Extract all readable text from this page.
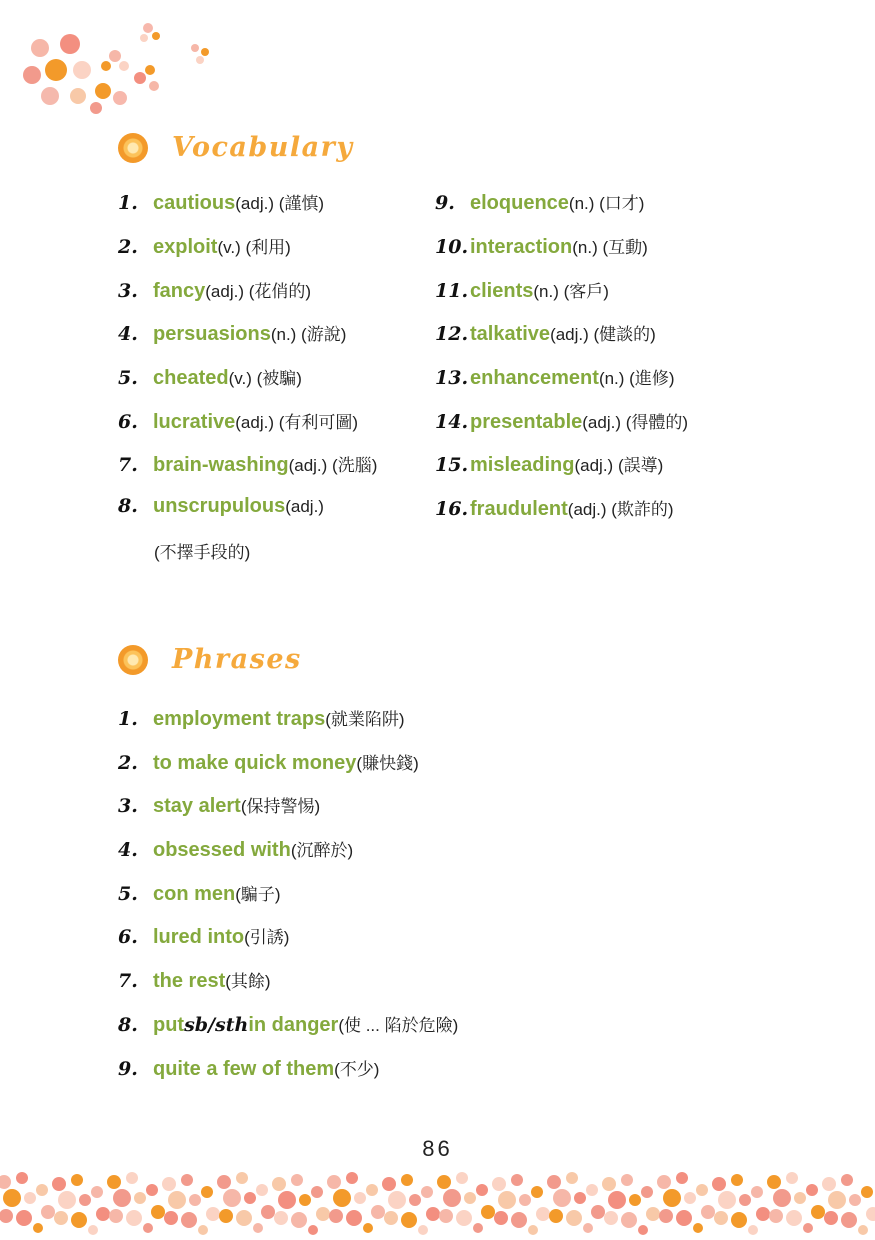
Vocabulary
1. cautious (adj.) (謹慎)
2. exploit (v.) (利用)
3. fancy (adj.) (花俏的)
4. persuasions (n.) (游說)
5. cheated (v.) (被騙)
6. lucrative (adj.) (有利可圖)
7. brain-washing (adj.) (洗腦)
8. unscrupulous (adj.)
(不擇手段的)
9. eloquence (n.) (口才)
10. interaction (n.) (互動)
11. clients (n.) (客戶)
12. talkative (adj.) (健談的)
13. enhancement (n.) (進修)
14. presentable (adj.) (得體的)
15. misleading (adj.) (誤導)
16. fraudulent (adj.) (欺詐的)
Phrases
1. employment traps (就業陷阱)
2. to make quick money (賺快錢)
3. stay alert (保持警惕)
4. obsessed with (沉醉於)
5. con men (騙子)
6. lured into (引誘)
7. the rest (其餘)
8. put sb/sth in danger (使 ... 陷於危險)
9. quite a few of them (不少)
86
